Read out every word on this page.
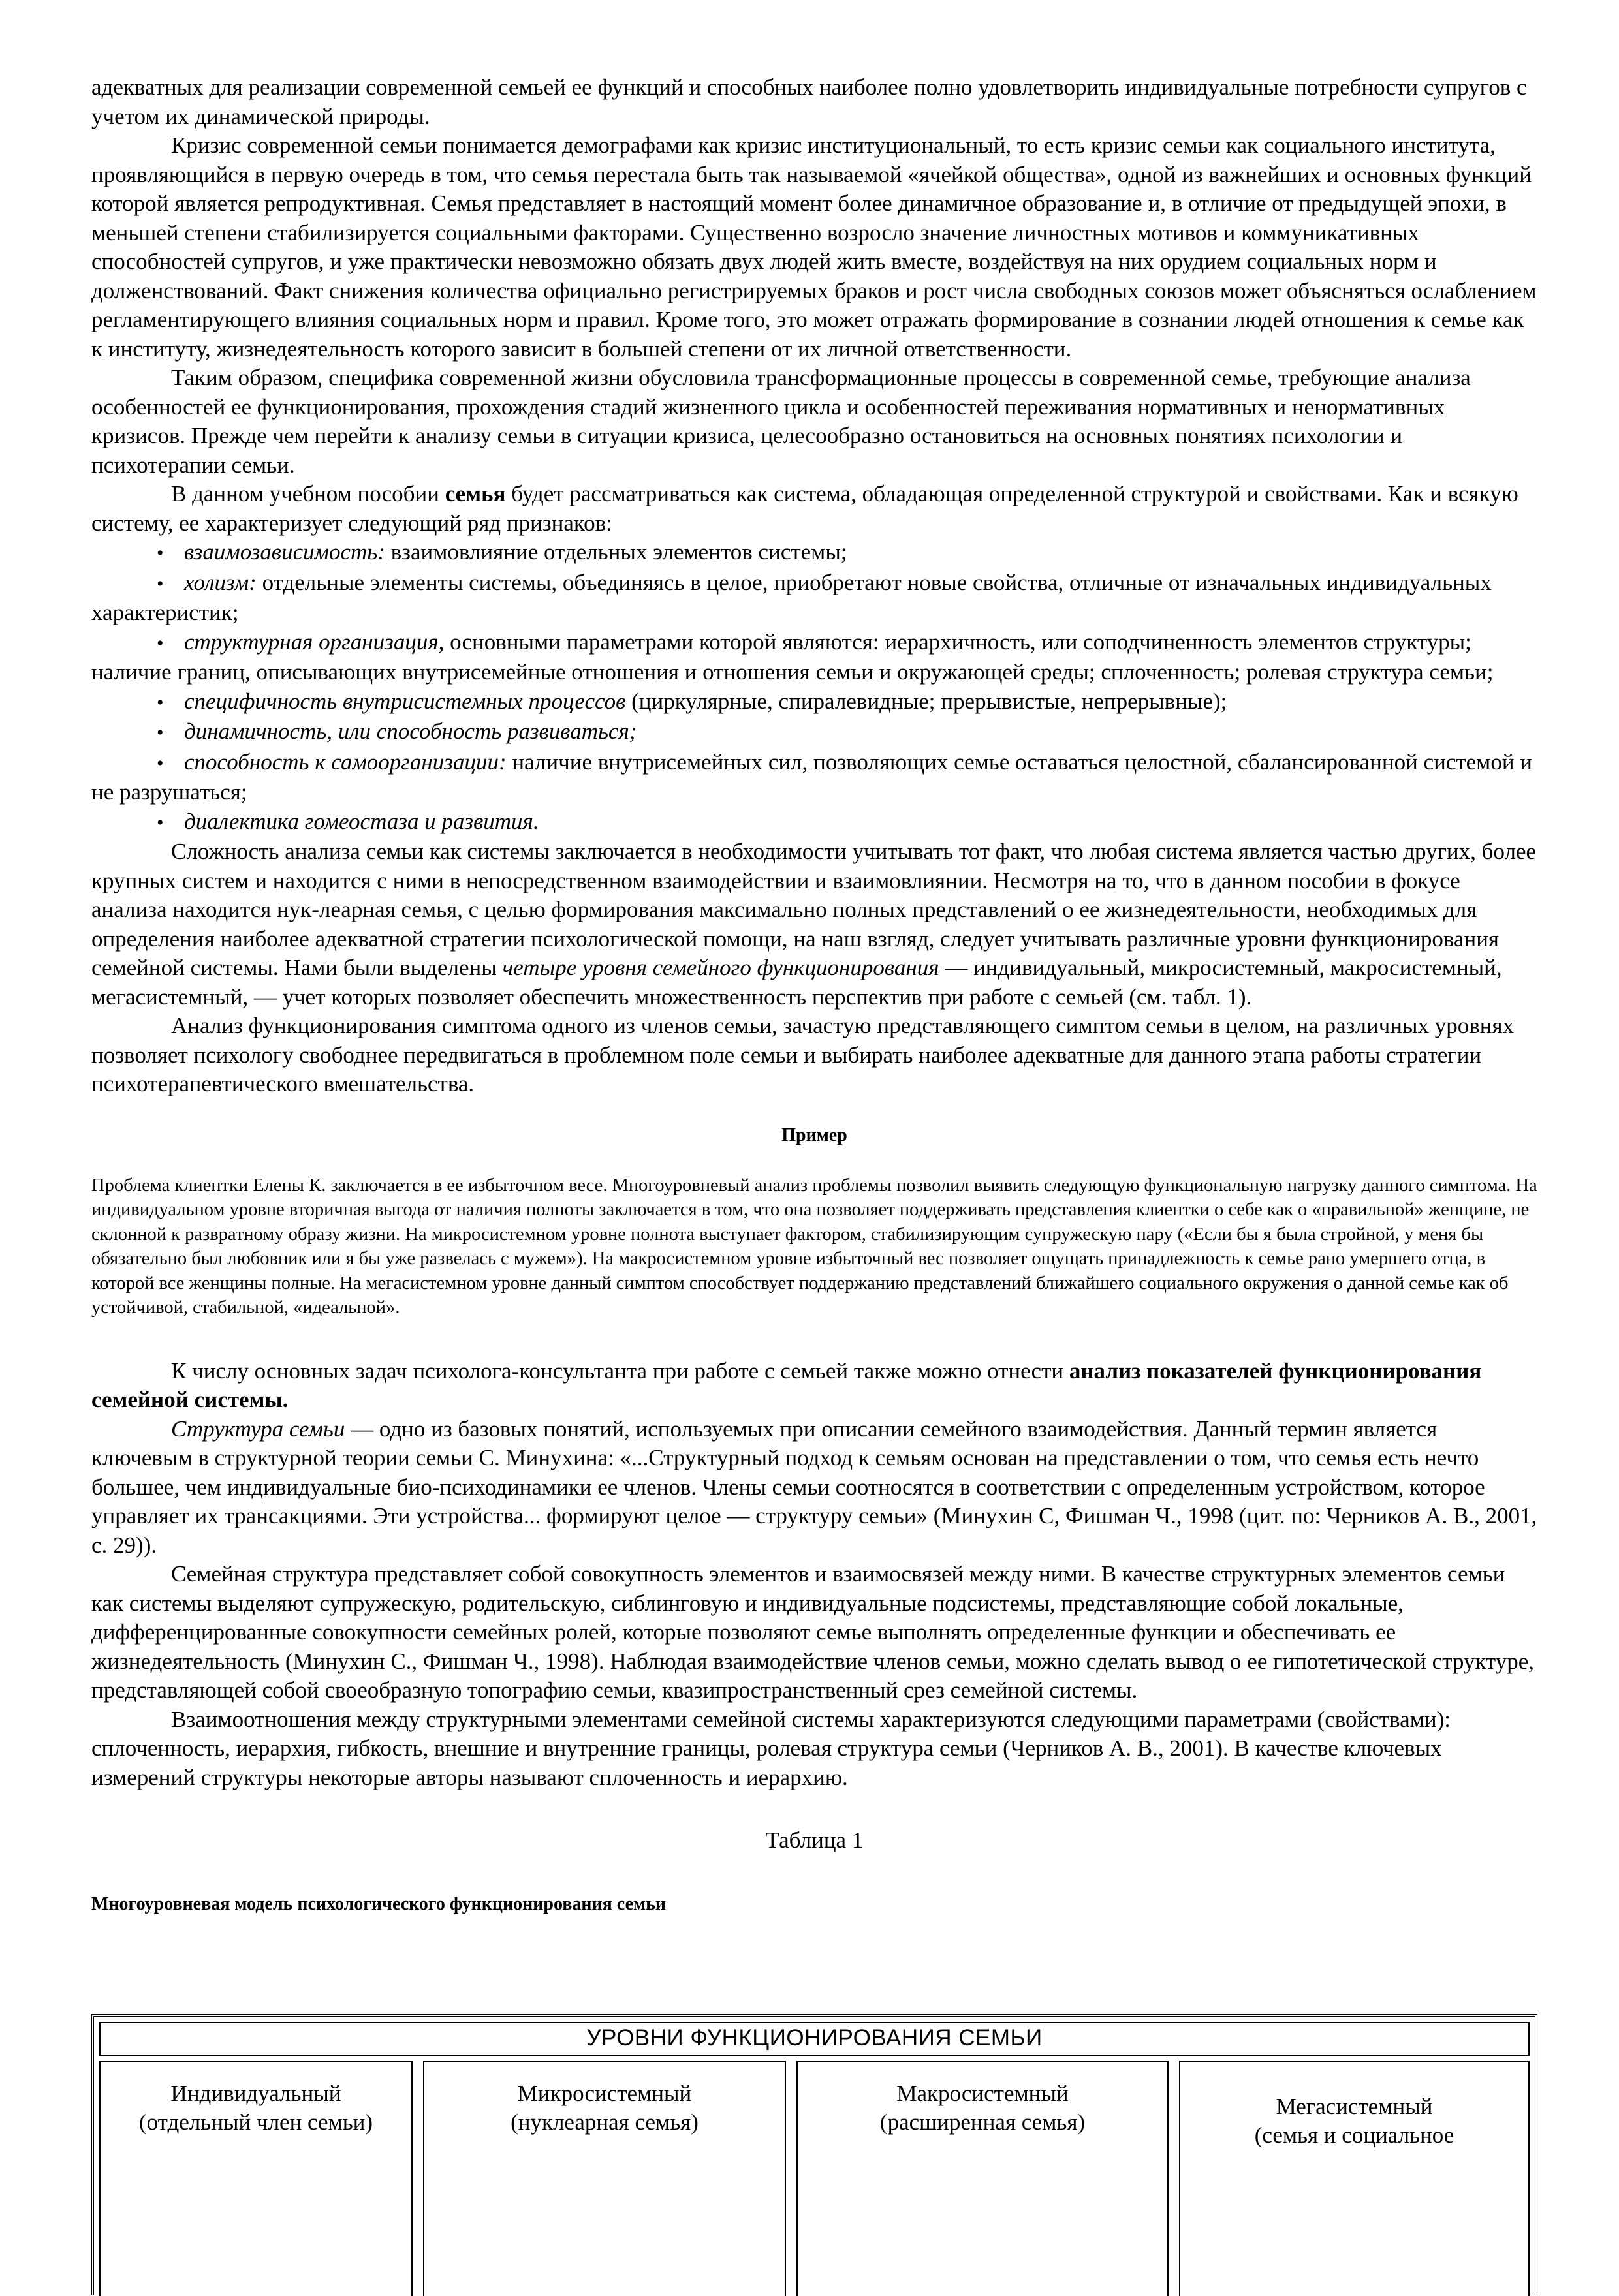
адекватных для реализации современной семьей ее функций и способных наиболее полно удовлетворить индивидуальные потребности супругов с учетом их динамической природы.

Кризис современной семьи понимается демографами как кризис институциональный, то есть кризис семьи как социального института, проявляющийся в первую очередь в том, что семья перестала быть так называемой «ячейкой общества», одной из важнейших и основных функций которой является репродуктивная. Семья представляет в настоящий момент более динамичное образование и, в отличие от предыдущей эпохи, в меньшей степени стабилизируется социальными факторами. Существенно возросло значение личностных мотивов и коммуникативных способностей супругов, и уже практически невозможно обязать двух людей жить вместе, воздействуя на них орудием социальных норм и долженствований. Факт снижения количества официально регистрируемых браков и рост числа свободных союзов может объясняться ослаблением регламентирующего влияния социальных норм и правил. Кроме того, это может отражать формирование в сознании людей отношения к семье как к институту, жизнедеятельность которого зависит в большей степени от их личной ответственности.

Таким образом, специфика современной жизни обусловила трансформационные процессы в современной семье, требующие анализа особенностей ее функционирования, прохождения стадий жизненного цикла и особенностей переживания нормативных и ненормативных кризисов. Прежде чем перейти к анализу семьи в ситуации кризиса, целесообразно остановиться на основных понятиях психологии и психотерапии семьи.

В данном учебном пособии семья будет рассматриваться как система, обладающая определенной структурой и свойствами. Как и всякую систему, ее характеризует следующий ряд признаков:

• взаимозависимость: взаимовлияние отдельных элементов системы;

• холизм: отдельные элементы системы, объединяясь в целое, приобретают новые свойства, отличные от изначальных индивидуальных характеристик;

• структурная организация, основными параметрами которой являются: иерархичность, или соподчиненность элементов структуры; наличие границ, описывающих внутрисемейные отношения и отношения семьи и окружающей среды; сплоченность; ролевая структура семьи;

• специфичность внутрисистемных процессов (циркулярные, спиралевидные; прерывистые, непрерывные);

• динамичность, или способность развиваться;

• способность к самоорганизации: наличие внутрисемейных сил, позволяющих семье оставаться целостной, сбалансированной системой и не разрушаться;

• диалектика гомеостаза и развития.

Сложность анализа семьи как системы заключается в необходимости учитывать тот факт, что любая система является частью других, более крупных систем и находится с ними в непосредственном взаимодействии и взаимовлиянии. Несмотря на то, что в данном пособии в фокусе анализа находится нук-леарная семья, с целью формирования максимально полных представлений о ее жизнедеятельности, необходимых для определения наиболее адекватной стратегии психологической помощи, на наш взгляд, следует учитывать различные уровни функционирования семейной системы. Нами были выделены четыре уровня семейного функционирования — индивидуальный, микросистемный, макросистемный, мегасистемный, — учет которых позволяет обеспечить множественность перспектив при работе с семьей (см. табл. 1).

Анализ функционирования симптома одного из членов семьи, зачастую представляющего симптом семьи в целом, на различных уровнях позволяет психологу свободнее передвигаться в проблемном поле семьи и выбирать наиболее адекватные для данного этапа работы стратегии психотерапевтического вмешательства.

Пример

Проблема клиентки Елены К. заключается в ее избыточном весе. Многоуровневый анализ проблемы позволил выявить следующую функциональную нагрузку данного симптома. На индивидуальном уровне вторичная выгода от наличия полноты заключается в том, что она позволяет поддерживать представления клиентки о себе как о «правильной» женщине, не склонной к развратному образу жизни. На микросистемном уровне полнота выступает фактором, стабилизирующим супружескую пару («Если бы я была стройной, у меня бы обязательно был любовник или я бы уже развелась с мужем»). На макросистемном уровне избыточный вес позволяет ощущать принадлежность к семье рано умершего отца, в которой все женщины полные. На мегасистемном уровне данный симптом способствует поддержанию представлений ближайшего социального окружения о данной семье как об устойчивой, стабильной, «идеальной».

К числу основных задач психолога-консультанта при работе с семьей также можно отнести анализ показателей функционирования семейной системы.

Структура семьи — одно из базовых понятий, используемых при описании семейного взаимодействия. Данный термин является ключевым в структурной теории семьи С. Минухина: «...Структурный подход к семьям основан на представлении о том, что семья есть нечто большее, чем индивидуальные био-психодинамики ее членов. Члены семьи соотносятся в соответствии с определенным устройством, которое управляет их трансакциями. Эти устройства... формируют целое — структуру семьи» (Минухин С, Фишман Ч., 1998 (цит. по: Черников А. В., 2001, с. 29)).

Семейная структура представляет собой совокупность элементов и взаимосвязей между ними. В качестве структурных элементов семьи как системы выделяют супружескую, родительскую, сиблинговую и индивидуальные подсистемы, представляющие собой локальные, дифференцированные совокупности семейных ролей, которые позволяют семье выполнять определенные функции и обеспечивать ее жизнедеятельность (Минухин С., Фишман Ч., 1998). Наблюдая взаимодействие членов семьи, можно сделать вывод о ее гипотетической структуре, представляющей собой своеобразную топографию семьи, квазипространственный срез семейной системы.

Взаимоотношения между структурными элементами семейной системы характеризуются следующими параметрами (свойствами): сплоченность, иерархия, гибкость, внешние и внутренние границы, ролевая структура семьи (Черников А. В., 2001). В качестве ключевых измерений структуры некоторые авторы называют сплоченность и иерархию.

Таблица 1

Многоуровневая модель психологического функционирования семьи

УРОВНИ ФУНКЦИОНИРОВАНИЯ СЕМЬИ
Индивидуальный
(отдельный член семьи)
Микросистемный
(нуклеарная семья)
Макросистемный
(расширенная семья)
Мегасистемный
(семья и социальное
